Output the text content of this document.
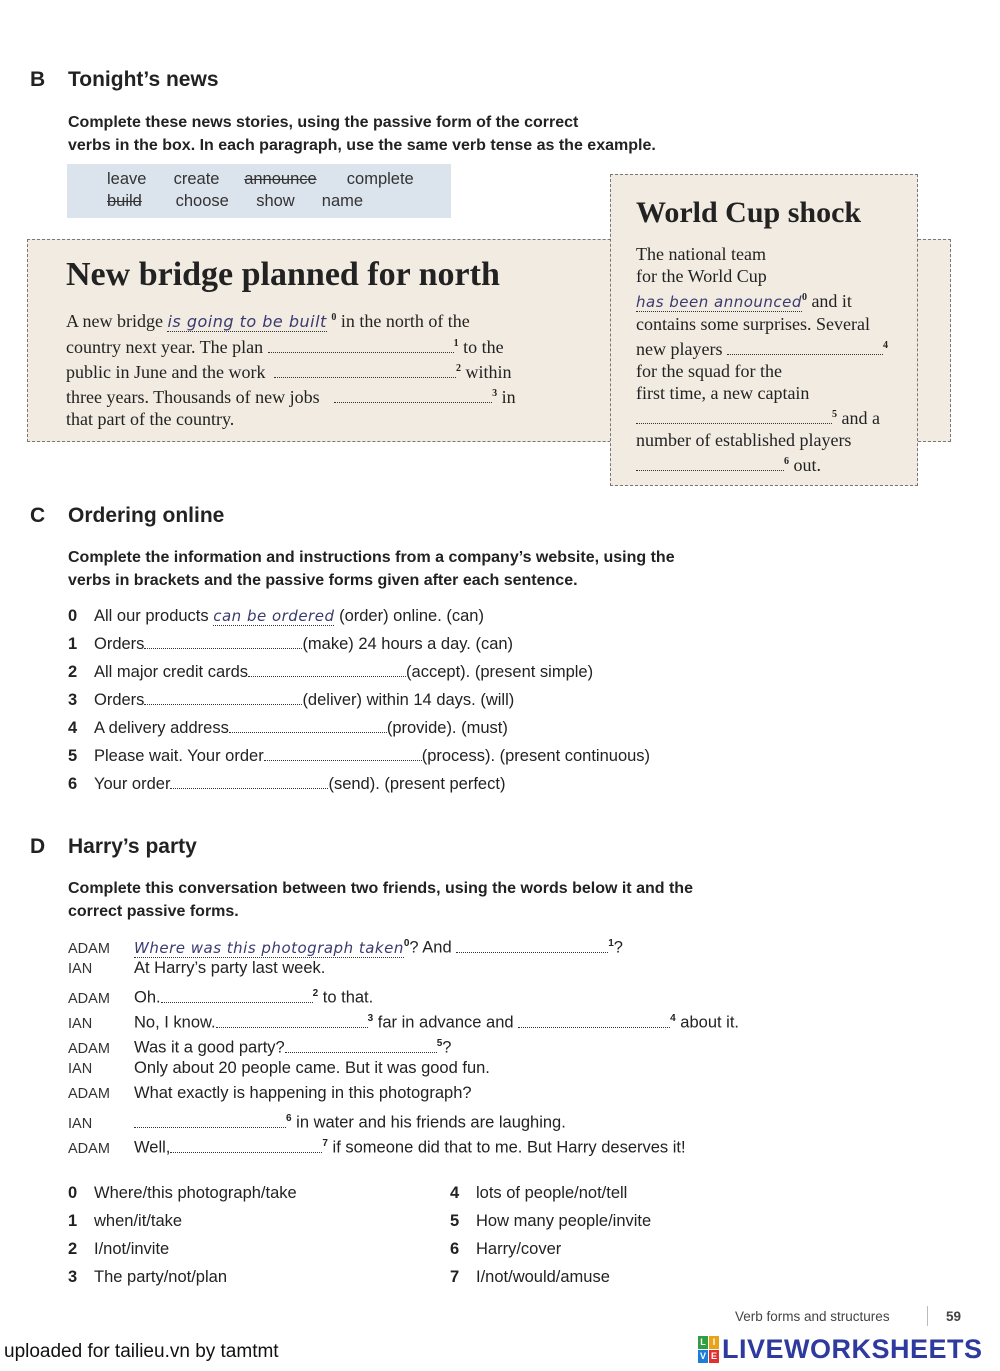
B Tonight’s news
Complete these news stories, using the passive form of the correct
verbs in the box. In each paragraph, use the same verb tense as the example.
leave create announce complete
build choose show name
New bridge planned for north
A new bridge is going to be built $^0$ in the north of the
country next year. The plan	$^1$ to the
public in June and the work	$^2$ within
three years. Thousands of new jobs	$^3$ in
that part of the country.
World Cup shock
The national team
for the World Cup
has been announced$^0$ and it
contains some surprises. Several
new players	$^4$
for the squad for the
first time, a new captain
$^5$ and a
number of established players
$^6$ out.
C Ordering online
Complete the information and instructions from a company’s website, using the
verbs in brackets and the passive forms given after each sentence.
0 All our products can be ordered (order) online. (can)
1 Orders	(make) 24 hours a day. (can)
2 All major credit cards	(accept). (present simple)
3 Orders	(deliver) within 14 days. (will)
4 A delivery address	(provide). (must)
5 Please wait. Your order	(process). (present continuous)
6 Your order	(send). (present perfect)
D Harry’s party
Complete this conversation between two friends, using the words below it and the
correct passive forms.
ADAM Where was this photograph taken$^0$? And	$^1$?
IAN	At Harry’s party last week.
ADAM Oh.	$^2$ to that.
IAN	No, I know.	$^3$ far in advance and	$^4$ about it.
ADAM Was it a good party?	$^5$?
IAN	Only about 20 people came. But it was good fun.
ADAM What exactly is happening in this photograph?
IAN	$^6$ in water and his friends are laughing.
ADAM Well,	$^7$ if someone did that to me. But Harry deserves it!
0 Where/this photograph/take
1 when/it/take
2 I/not/invite
3 The party/not/plan
4 lots of people/not/tell
5 How many people/invite
6 Harry/cover
7 I/not/would/amuse
Verb forms and structures	59
uploaded for tailieu.vn by tamtmt	L I
V E LIVEWORKSHEETS
